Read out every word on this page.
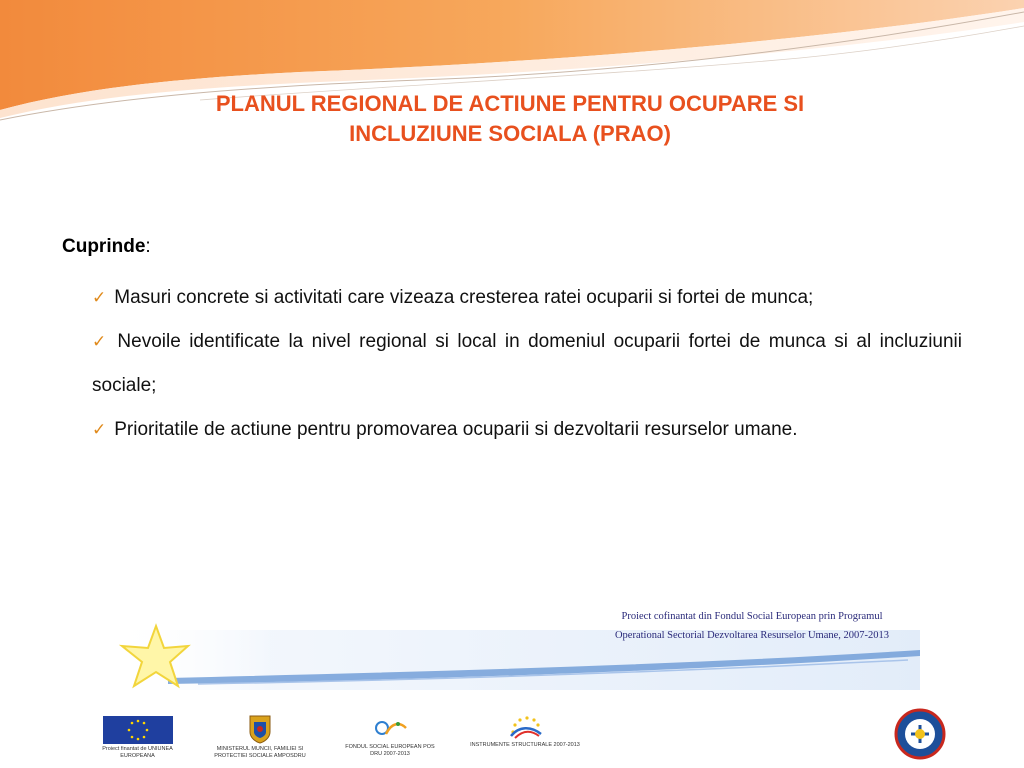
PLANUL REGIONAL DE ACTIUNE PENTRU OCUPARE SI
INCLUZIUNE SOCIALA (PRAO)
Cuprinde:
✓ Masuri concrete si activitati care vizeaza cresterea ratei ocuparii si fortei de munca;
✓ Nevoile identificate la nivel regional si local in domeniul ocuparii fortei de munca si al incluziunii sociale;
✓ Prioritatile de actiune pentru promovarea ocuparii si dezvoltarii resurselor umane.
Proiect cofinantat din Fondul Social European prin Programul
Operational Sectorial Dezvoltarea Resurselor Umane, 2007-2013
Proiect finantat de UNIUNEA EUROPEANA
MINISTERUL MUNCII, FAMILIEI SI PROTECTIEI SOCIALE AMPOSDRU
FONDUL SOCIAL EUROPEAN POS DRU 2007-2013
INSTRUMENTE STRUCTURALE 2007-2013
